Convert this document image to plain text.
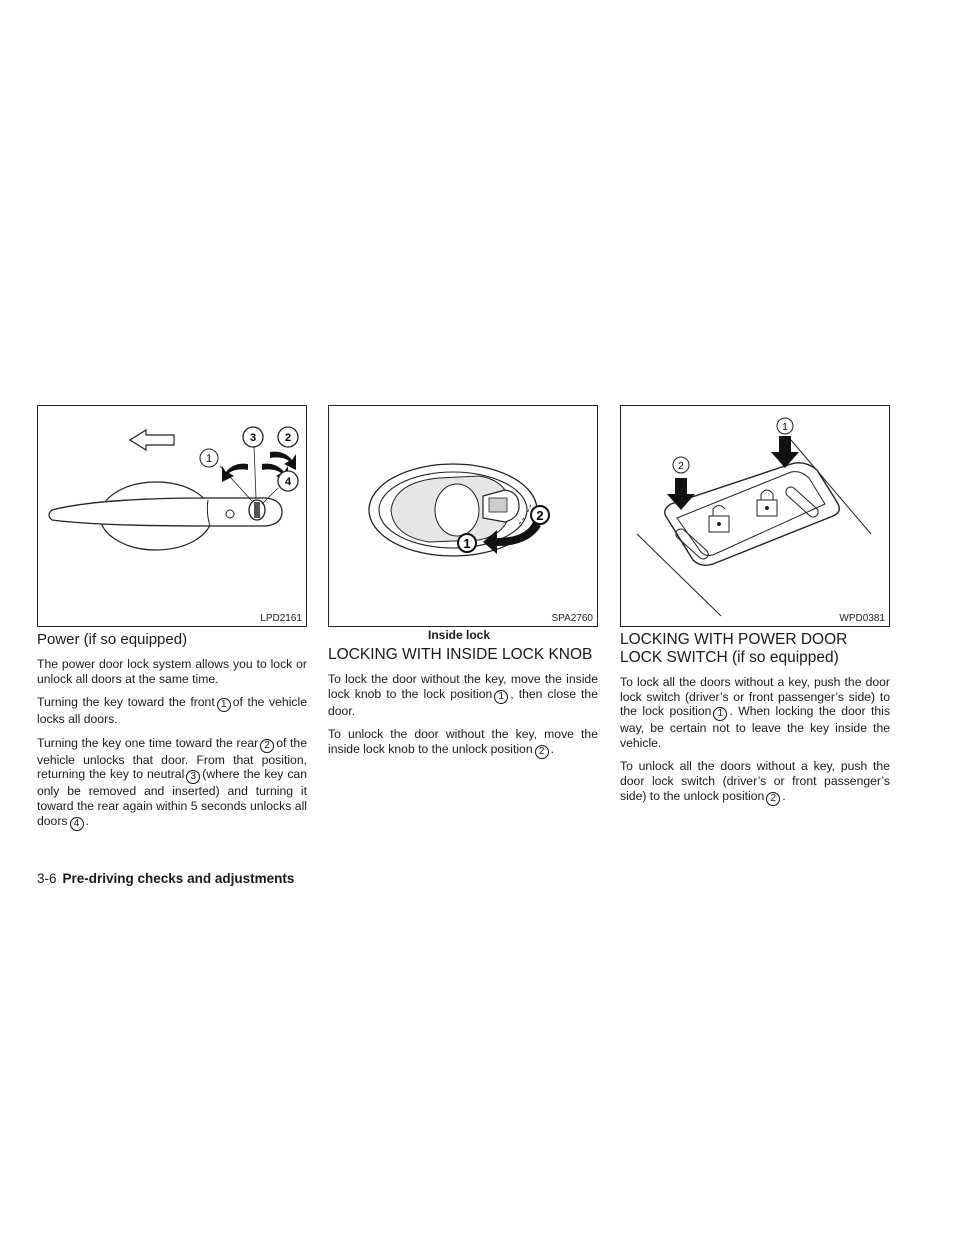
1
3	2
4
LPD2161
1
2
SPA2760
Inside lock
1
2
WPD0381
Power (if so equipped)

The power door lock system allows you to lock or unlock all doors at the same time.

Turning the key toward the front 1 of the vehicle locks all doors.

Turning the key one time toward the rear 2 of the vehicle unlocks that door. From that position, returning the key to neutral 3 (where the key can only be removed and inserted) and turning it toward the rear again within 5 seconds unlocks all doors 4 .

LOCKING WITH INSIDE LOCK KNOB

To lock the door without the key, move the inside lock knob to the lock position 1 , then close the door.

To unlock the door without the key, move the inside lock knob to the unlock position 2 .

LOCKING WITH POWER DOOR LOCK SWITCH (if so equipped)

To lock all the doors without a key, push the door lock switch (driver’s or front passenger’s side) to the lock position 1 . When locking the door this way, be certain not to leave the key inside the vehicle.

To unlock all the doors without a key, push the door lock switch (driver’s or front passenger’s side) to the unlock position 2 .

3-6 Pre-driving checks and adjustments
